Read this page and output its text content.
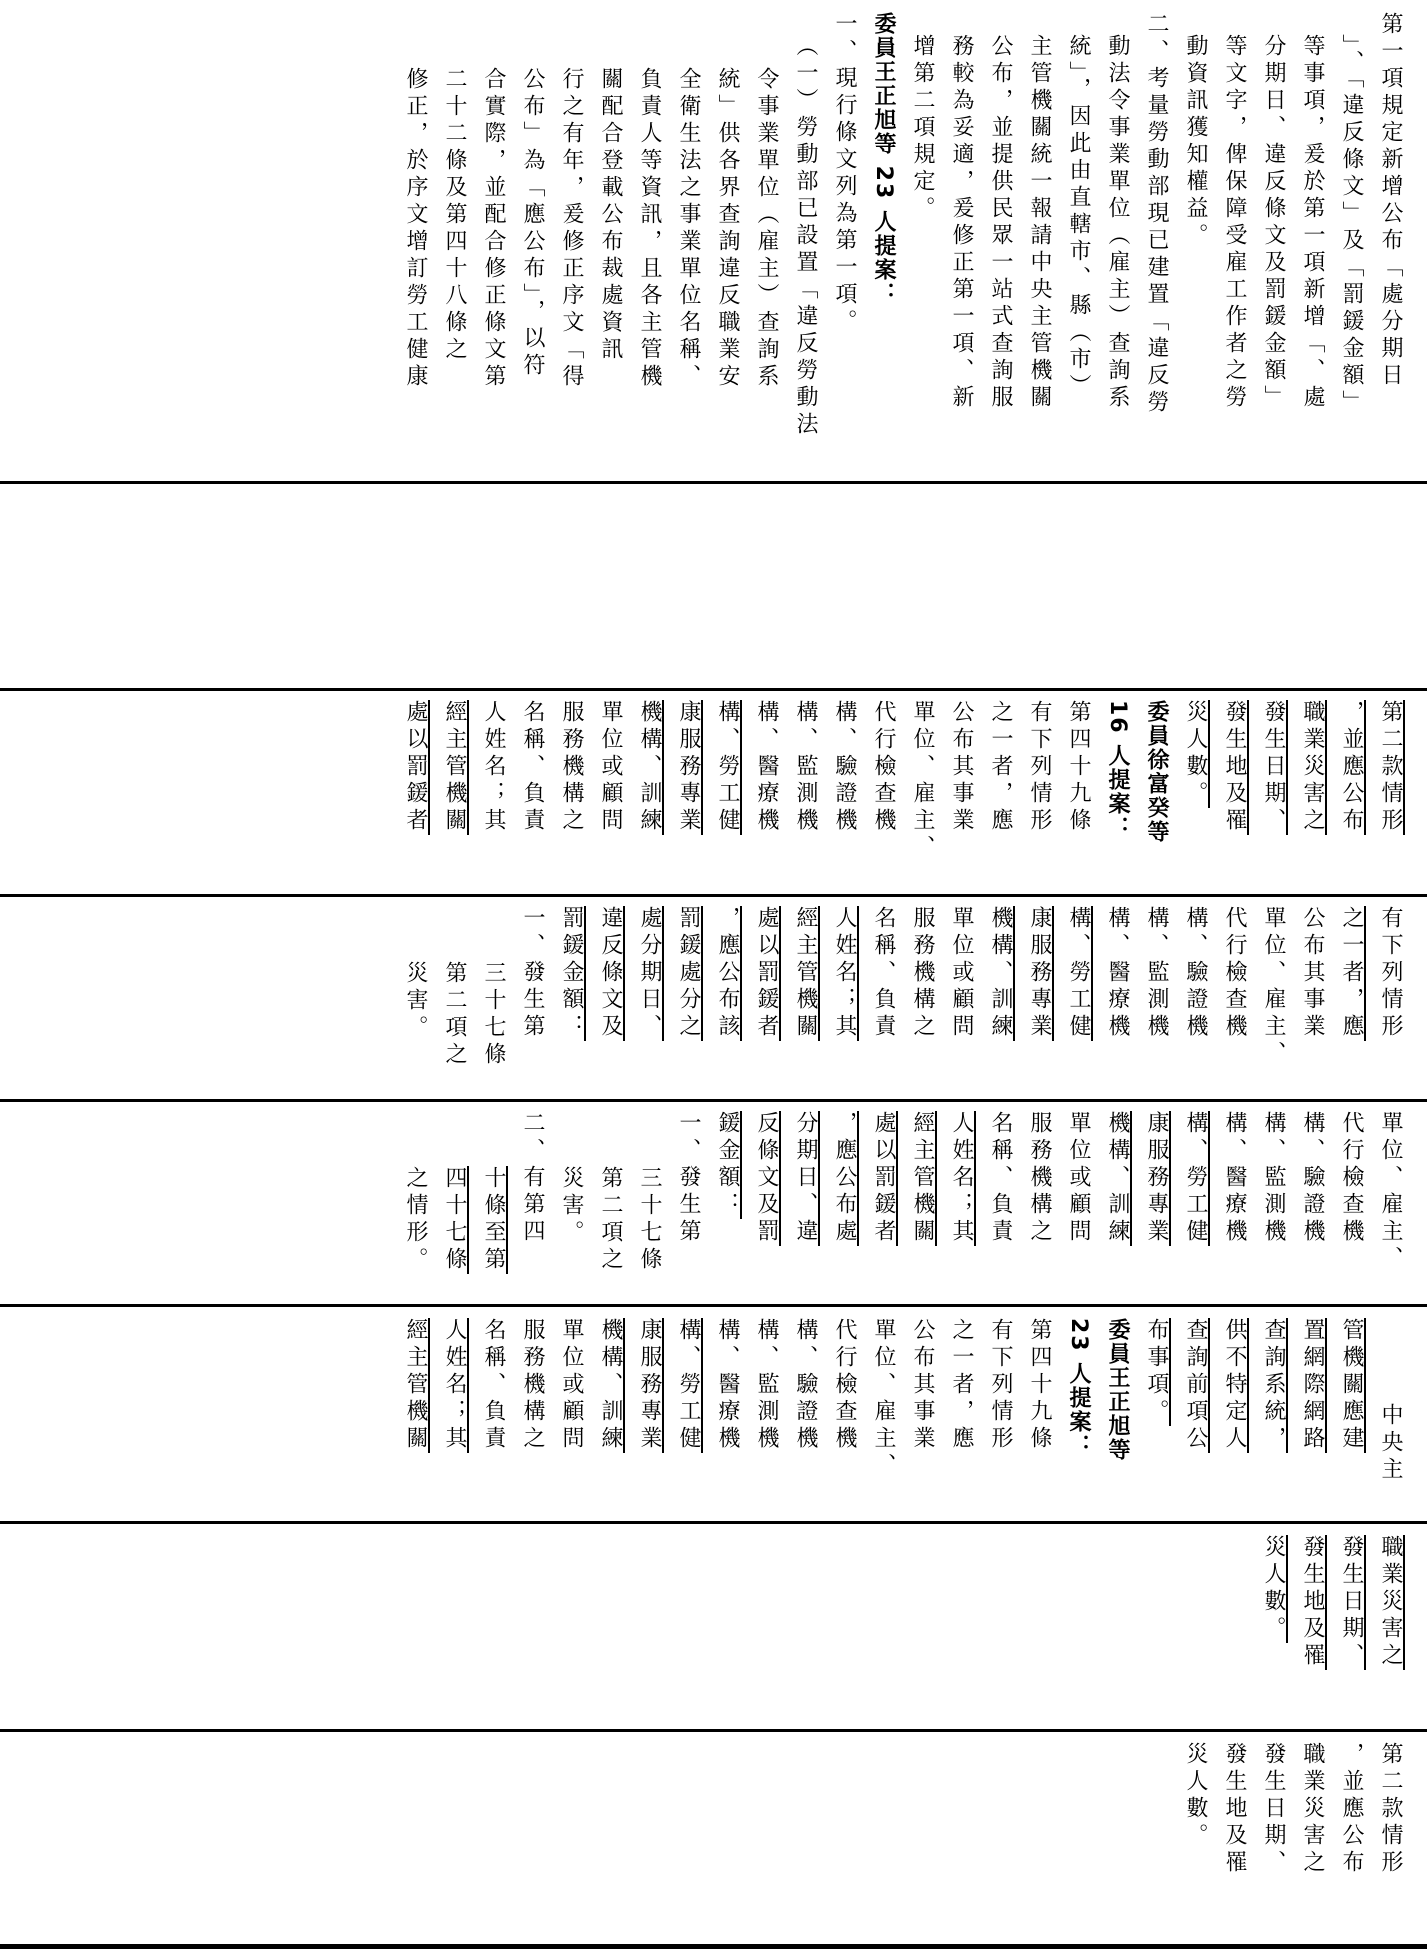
第一項規定新增公布「處分期日
」、「違反條文」及「罰鍰金額」
等事項，爰於第一項新增「、處
分期日、違反條文及罰鍰金額」
等文字，俾保障受雇工作者之勞
動資訊獲知權益。
二、考量勞動部現已建置「違反勞
動法令事業單位（雇主）查詢系
統」，因此由直轄市、縣（市）
主管機關統一報請中央主管機關
公布，並提供民眾一站式查詢服
務較為妥適，爰修正第一項、新
增第二項規定。
委員王正旭等 23 人提案：
一、現行條文列為第一項。
（一）勞動部已設置「違反勞動法
令事業單位（雇主）查詢系
統」供各界查詢違反職業安
全衛生法之事業單位名稱、
負責人等資訊，且各主管機
關配合登載公布裁處資訊
行之有年，爰修正序文「得
公布」為「應公布」，以符
合實際，並配合修正條文第
二十二條及第四十八條之
修正，於序文增訂勞工健康
第二款情形
，並應公布
職業災害之
發生日期、
發生地及罹
災人數。
委員徐富癸等
16 人提案：
第四十九條
有下列情形
之一者，應
公布其事業
單位、雇主、
代行檢查機
構、驗證機
構、監測機
構、醫療機
構、勞工健
康服務專業
機構、訓練
單位或顧問
服務機構之
名稱、負責
人姓名；其
經主管機關
處以罰鍰者
有下列情形
之一者，應
公布其事業
單位、雇主、
代行檢查機
構、驗證機
構、監測機
構、醫療機
構、勞工健
康服務專業
機構、訓練
單位或顧問
服務機構之
名稱、負責
人姓名；其
經主管機關
處以罰鍰者
，應公布該
罰鍰處分之
處分期日、
違反條文及
罰鍰金額：
一、發生第
三十七條
第二項之
災害。
單位、雇主、
代行檢查機
構、驗證機
構、監測機
構、醫療機
構、勞工健
康服務專業
機構、訓練
單位或顧問
服務機構之
名稱、負責
人姓名；其
經主管機關
處以罰鍰者
，應公布處
分期日、違
反條文及罰
鍰金額：
一、發生第
三十七條
第二項之
災害。
二、有第四
十條至第
四十七條
之情形。
中央主
管機關應建
置網際網路
查詢系統，
供不特定人
查詢前項公
布事項。
委員王正旭等
23 人提案：
第四十九條
有下列情形
之一者，應
公布其事業
單位、雇主、
代行檢查機
構、驗證機
構、監測機
構、醫療機
構、勞工健
康服務專業
機構、訓練
單位或顧問
服務機構之
名稱、負責
人姓名；其
經主管機關
職業災害之
發生日期、
發生地及罹
災人數。
第二款情形
，並應公布
職業災害之
發生日期、
發生地及罹
災人數。
